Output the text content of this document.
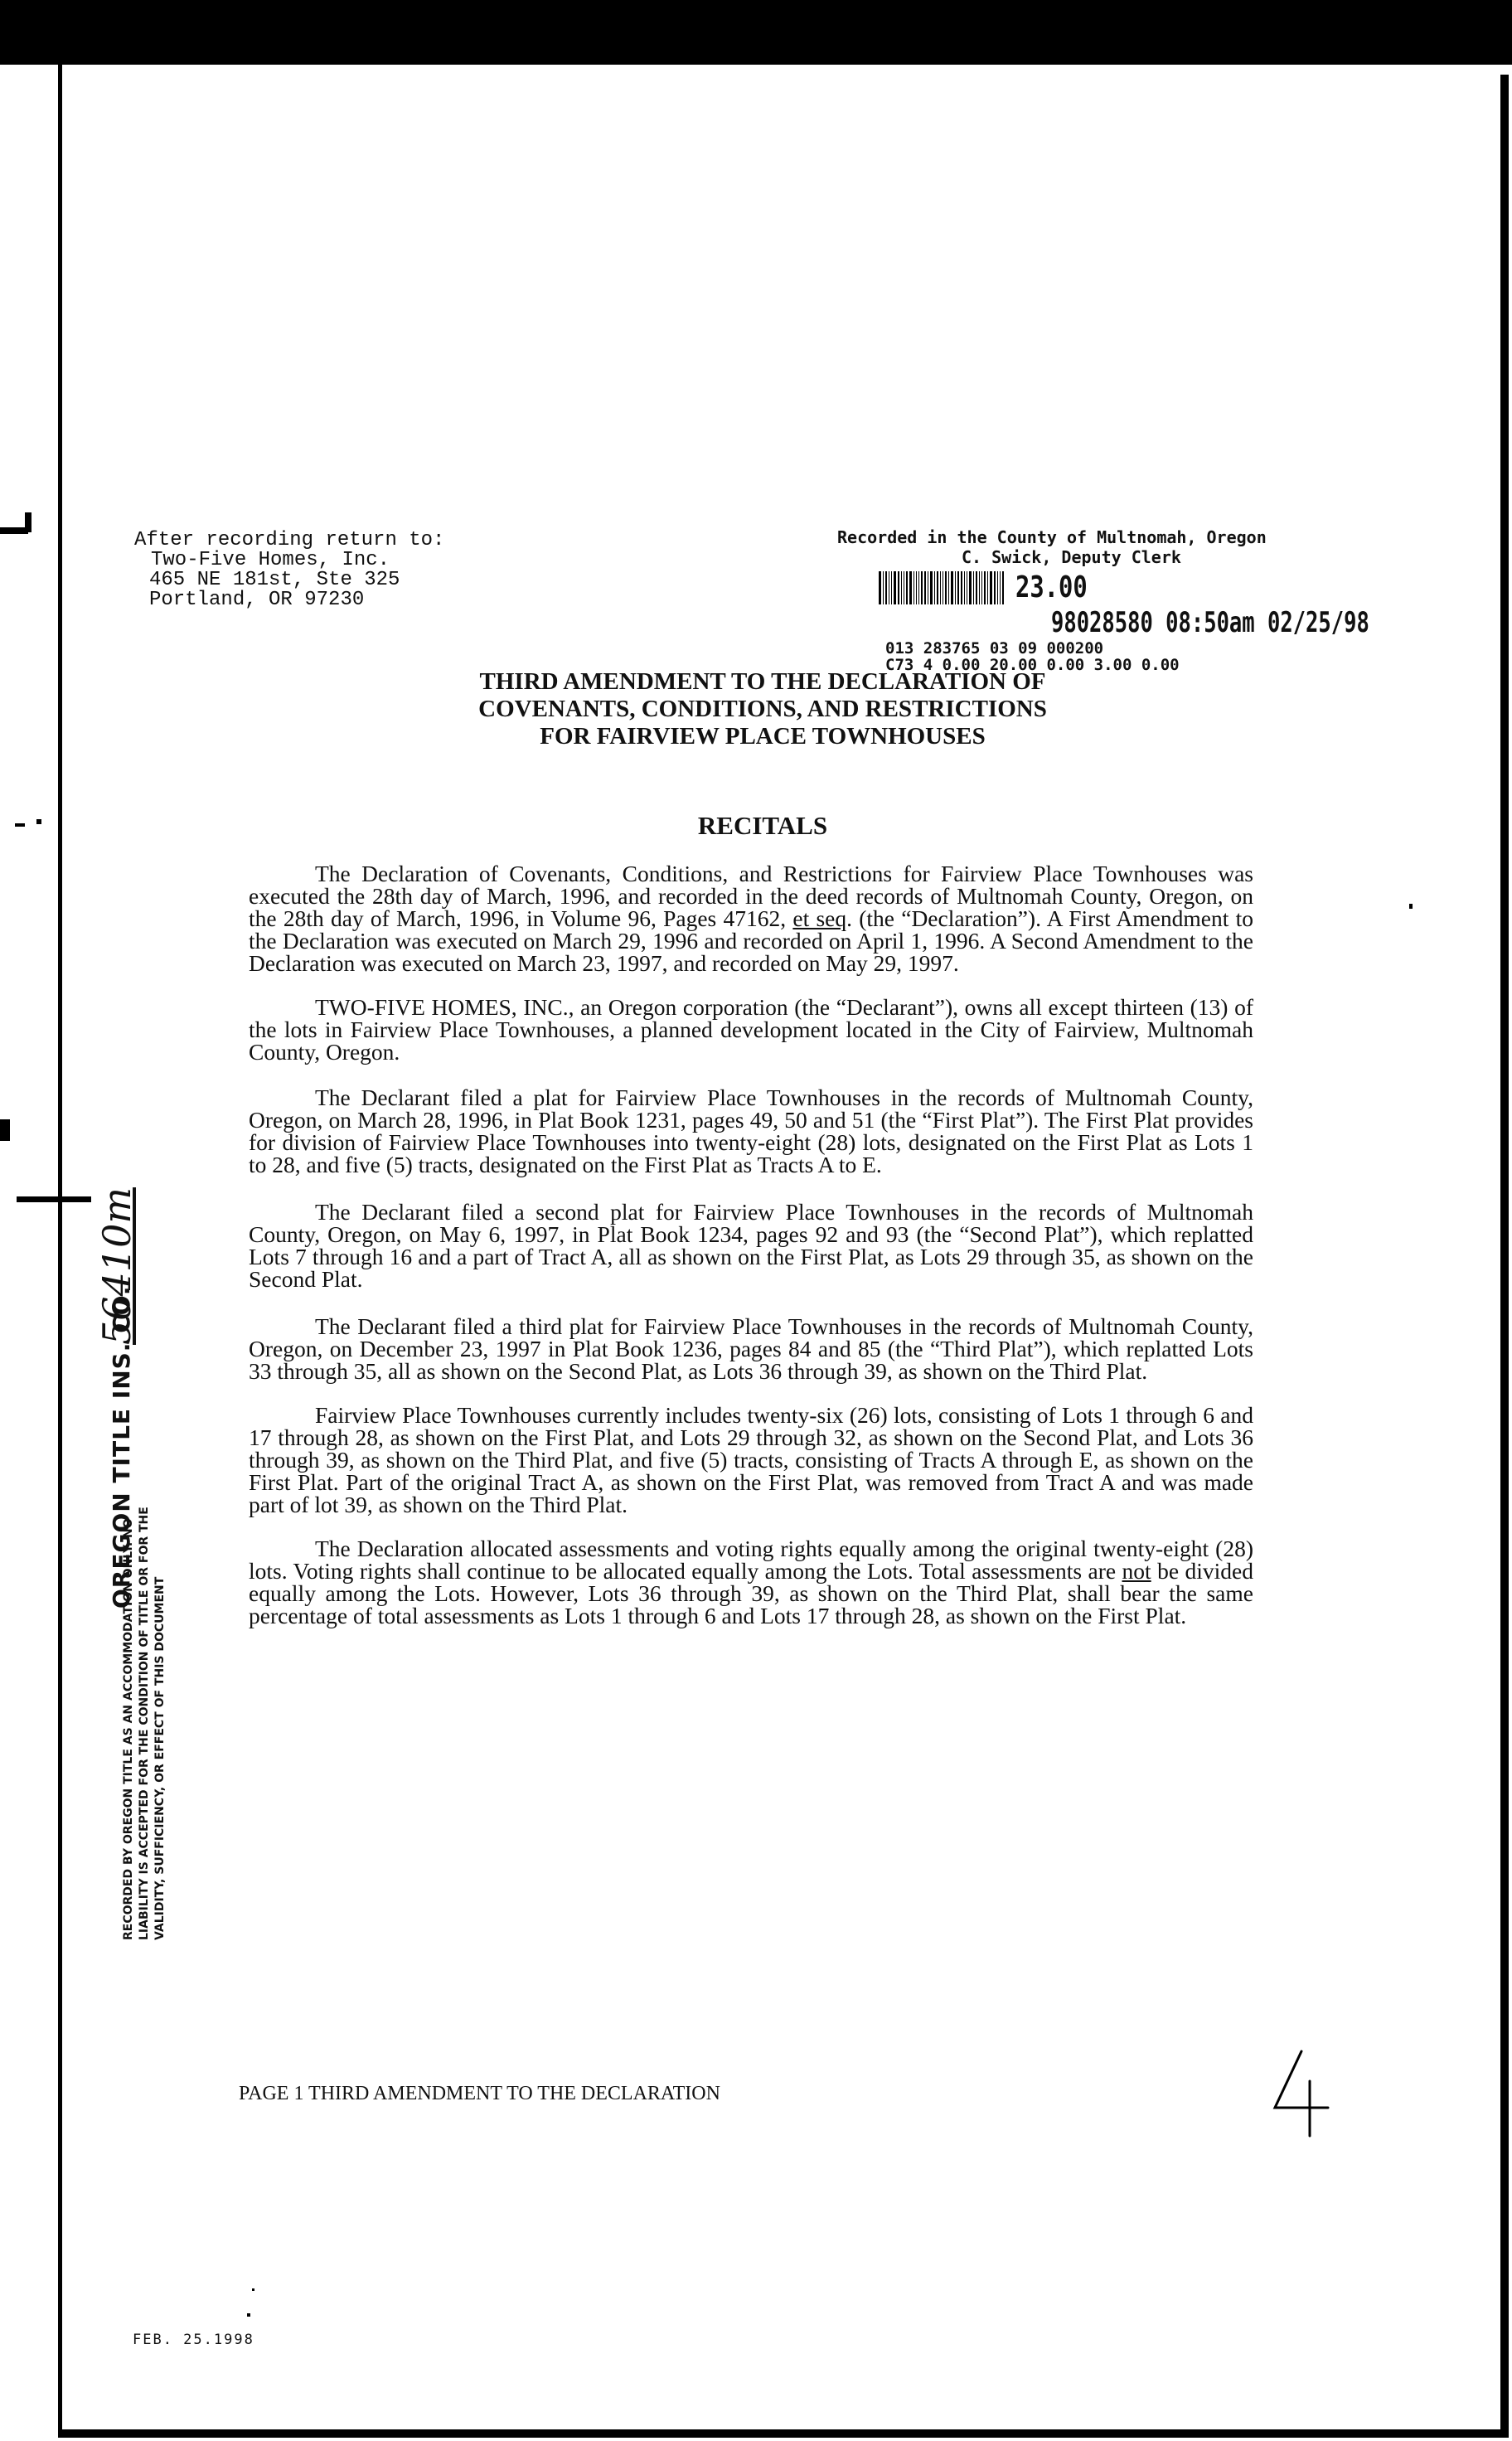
After recording return to:
Two-Five Homes, Inc.
465 NE 181st, Ste 325
Portland, OR 97230
Recorded in the County of Multnomah, Oregon
C. Swick, Deputy Clerk
23.00
98028580 08:50am 02/25/98
013 283765 03 09 000200
C73 4 0.00 20.00 0.00 3.00 0.00
THIRD AMENDMENT TO THE DECLARATION OF
COVENANTS, CONDITIONS, AND RESTRICTIONS
FOR FAIRVIEW PLACE TOWNHOUSES
RECITALS

The Declaration of Covenants, Conditions, and Restrictions for Fairview Place Townhouses was executed the 28th day of March, 1996, and recorded in the deed records of Multnomah County, Oregon, on the 28th day of March, 1996, in Volume 96, Pages 47162, et seq. (the “Declaration”). A First Amendment to the Declaration was executed on March 29, 1996 and recorded on April 1, 1996. A Second Amendment to the Declaration was executed on March 23, 1997, and recorded on May 29, 1997.

TWO-FIVE HOMES, INC., an Oregon corporation (the “Declarant”), owns all except thirteen (13) of the lots in Fairview Place Townhouses, a planned development located in the City of Fairview, Multnomah County, Oregon.

The Declarant filed a plat for Fairview Place Townhouses in the records of Multnomah County, Oregon, on March 28, 1996, in Plat Book 1231, pages 49, 50 and 51 (the “First Plat”). The First Plat provides for division of Fairview Place Townhouses into twenty-eight (28) lots, designated on the First Plat as Lots 1 to 28, and five (5) tracts, designated on the First Plat as Tracts A to E.

The Declarant filed a second plat for Fairview Place Townhouses in the records of Multnomah County, Oregon, on May 6, 1997, in Plat Book 1234, pages 92 and 93 (the “Second Plat”), which replatted Lots 7 through 16 and a part of Tract A, all as shown on the First Plat, as Lots 29 through 35, as shown on the Second Plat.

The Declarant filed a third plat for Fairview Place Townhouses in the records of Multnomah County, Oregon, on December 23, 1997 in Plat Book 1236, pages 84 and 85 (the “Third Plat”), which replatted Lots 33 through 35, all as shown on the Second Plat, as Lots 36 through 39, as shown on the Third Plat.

Fairview Place Townhouses currently includes twenty-six (26) lots, consisting of Lots 1 through 6 and 17 through 28, as shown on the First Plat, and Lots 29 through 32, as shown on the Second Plat, and Lots 36 through 39, as shown on the Third Plat, and five (5) tracts, consisting of Tracts A through E, as shown on the First Plat. Part of the original Tract A, as shown on the First Plat, was removed from Tract A and was made part of lot 39, as shown on the Third Plat.

The Declaration allocated assessments and voting rights equally among the original twenty-eight (28) lots. Voting rights shall continue to be allocated equally among the Lots. Total assessments are not be divided equally among the Lots. However, Lots 36 through 39, as shown on the Third Plat, shall bear the same percentage of total assessments as Lots 1 through 6 and Lots 17 through 28, as shown on the First Plat.

PAGE 1 THIRD AMENDMENT TO THE DECLARATION
FEB. 25.1998
OREGON TITLE INS. CO.
56410m
RECORDED BY OREGON TITLE AS AN ACCOMMODATION ONLY. NO LIABILITY IS ACCEPTED FOR THE CONDITION OF TITLE OR FOR THE VALIDITY, SUFFICIENCY, OR EFFECT OF THIS DOCUMENT
